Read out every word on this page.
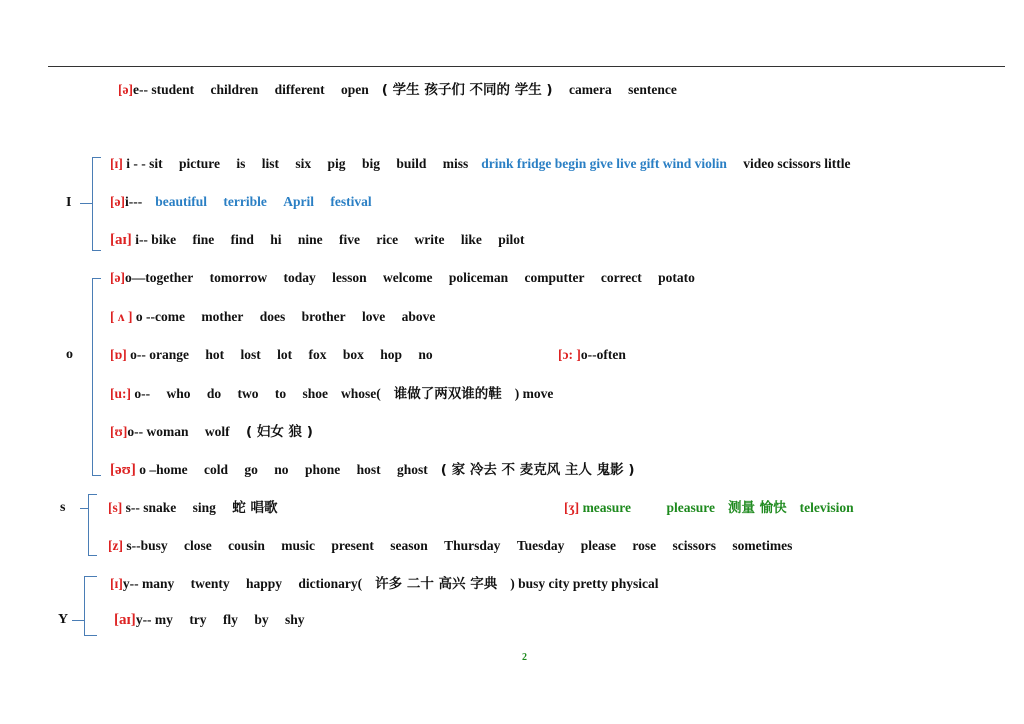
[ə]e-- student children different open ( 学生 孩子们 不同的 学生 ) camera sentence
I
[ɪ] i - - sit picture is list six pig big build miss drink fridge begin give live gift wind violin video scissors little
[ə]i--- beautiful terrible April festival
[aɪ] i-- bike fine find hi nine five rice write like pilot
o
[ə]o—together tomorrow today lesson welcome policeman computter correct potato
[ ʌ ] o --come mother does brother love above
[ɒ] o-- orange hot lost lot fox box hop no	[ɔ: ]o--often
[u:] o-- who do two to shoe whose( 谁做了两双谁的鞋 ) move
[ʊ]o-- woman wolf ( 妇女 狼 )
[əʊ] o –home cold go no phone host ghost ( 家 冷去 不 麦克风 主人 鬼影 )
s	[s] s-- snake sing 蛇 唱歌	[ʒ] measure	pleasure 测量 愉快 television
[z] s--busy close cousin music present season Thursday Tuesday please rose scissors sometimes
Y
[ɪ]y-- many twenty happy dictionary( 许多 二十 高兴 字典 ) busy city pretty physical
[aɪ]y-- my try fly by shy
2
